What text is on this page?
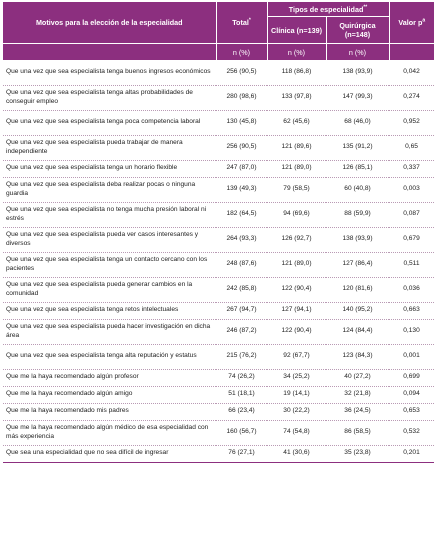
Motivos para la elección de la especialidad	Total*	Tipos de especialidad**		Valor $p^a$
		Clínica (n=139)	Quirúrgica (n=148)	
	n (%)	n (%)	n (%)	
Que una vez que sea especialista tenga buenos ingresos económicos	256 (90,5)	118 (86,8)	138 (93,9)	0,042
Que una vez que sea especialista tenga altas probabilidades de conseguir empleo	280 (98,6)	133 (97,8)	147 (99,3)	0,274
Que una vez que sea especialista tenga poca competencia laboral	130 (45,8)	62 (45,6)	68 (46,0)	0,952
Que una vez que sea especialista pueda trabajar de manera independiente	256 (90,5)	121 (89,6)	135 (91,2)	0,65
Que una vez que sea especialista tenga un horario flexible	247 (87,0)	121 (89,0)	126 (85,1)	0,337
Que una vez que sea especialista deba realizar pocas o ninguna guardia	139 (49,3)	79 (58,5)	60 (40,8)	0,003
Que una vez que sea especialista no tenga mucha presión laboral ni estrés	182 (64,5)	94 (69,6)	88 (59,9)	0,087
Que una vez que sea especialista pueda ver casos interesantes y diversos	264 (93,3)	126 (92,7)	138 (93,9)	0,679
Que una vez que sea especialista tenga un contacto cercano con los pacientes	248 (87,6)	121 (89,0)	127 (86,4)	0,511
Que una vez que sea especialista pueda generar cambios en la comunidad	242 (85,8)	122 (90,4)	120 (81,6)	0,036
Que una vez que sea especialista tenga retos intelectuales	267 (94,7)	127 (94,1)	140 (95,2)	0,663
Que una vez que sea especialista pueda hacer investigación en dicha área	246 (87,2)	122 (90,4)	124 (84,4)	0,130
Que una vez que sea especialista tenga alta reputación y estatus	215 (76,2)	92 (67,7)	123 (84,3)	0,001
Que me la haya recomendado algún profesor	74 (26,2)	34 (25,2)	40 (27,2)	0,699
Que me la haya recomendado algún amigo	51 (18,1)	19 (14,1)	32 (21,8)	0,094
Que me la haya recomendado mis padres	66 (23,4)	30 (22,2)	36 (24,5)	0,653
Que me la haya recomendado algún médico de esa especialidad con más experiencia	160 (56,7)	74 (54,8)	86 (58,5)	0,532
Que sea una especialidad que no sea difícil de ingresar	76 (27,1)	41 (30,6)	35 (23,8)	0,201
